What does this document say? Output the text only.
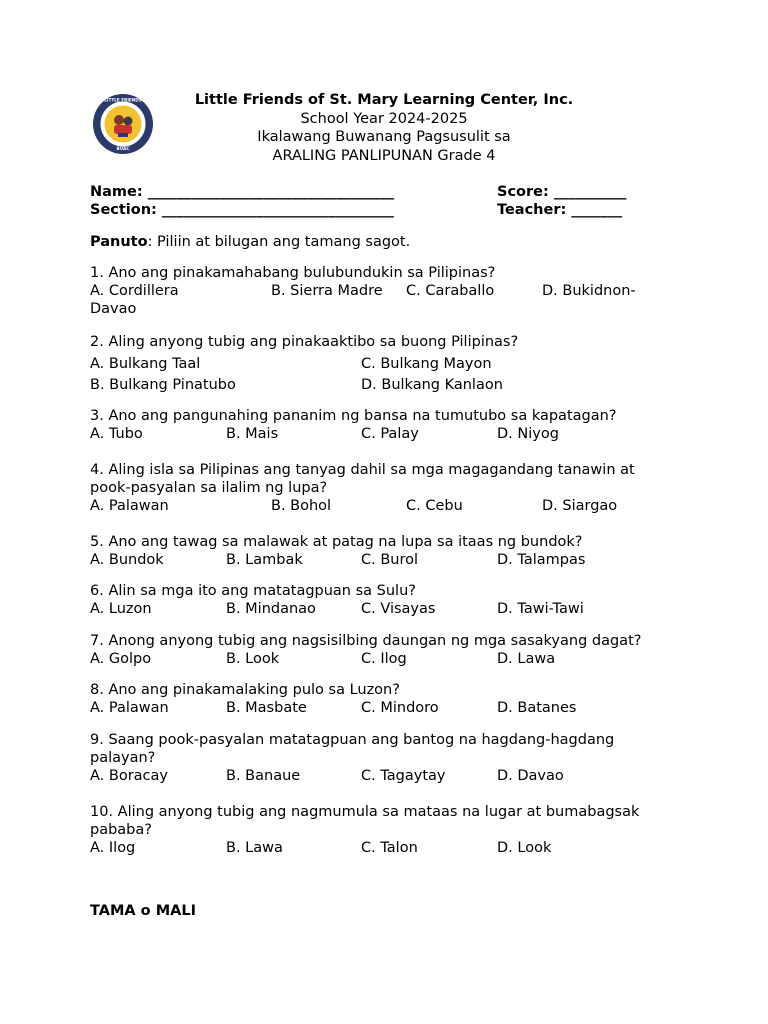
·LITTLE FRIENDS·
BOAC
Little Friends of St. Mary Learning Center, Inc.
School Year 2024-2025
Ikalawang Buwanang Pagsusulit sa
ARALING PANLIPUNAN Grade 4
Name: __________________________________	Score: __________
Section: ________________________________	Teacher: _______
Panuto: Piliin at bilugan ang tamang sagot.
1. Ano ang pinakamahabang bulubundukin sa Pilipinas?
A. Cordillera	B. Sierra Madre C. Caraballo	D. Bukidnon-
Davao
2. Aling anyong tubig ang pinakaaktibo sa buong Pilipinas?
A. Bulkang Taal	C. Bulkang Mayon
B. Bulkang Pinatubo	D. Bulkang Kanlaon
3. Ano ang pangunahing pananim ng bansa na tumutubo sa kapatagan?
A. Tubo	B. Mais	C. Palay	D. Niyog
4. Aling isla sa Pilipinas ang tanyag dahil sa mga magagandang tanawin at
pook-pasyalan sa ilalim ng lupa?
A. Palawan	B. Bohol	C. Cebu	D. Siargao
5. Ano ang tawag sa malawak at patag na lupa sa itaas ng bundok?
A. Bundok	B. Lambak	C. Burol	D. Talampas
6. Alin sa mga ito ang matatagpuan sa Sulu?
A. Luzon	B. Mindanao	C. Visayas	D. Tawi-Tawi
7. Anong anyong tubig ang nagsisilbing daungan ng mga sasakyang dagat?
A. Golpo	B. Look	C. Ilog	D. Lawa
8. Ano ang pinakamalaking pulo sa Luzon?
A. Palawan	B. Masbate	C. Mindoro	D. Batanes
9. Saang pook-pasyalan matatagpuan ang bantog na hagdang-hagdang
palayan?
A. Boracay	B. Banaue	C. Tagaytay	D. Davao
10. Aling anyong tubig ang nagmumula sa mataas na lugar at bumabagsak
pababa?
A. Ilog	B. Lawa	C. Talon	D. Look
TAMA o MALI
